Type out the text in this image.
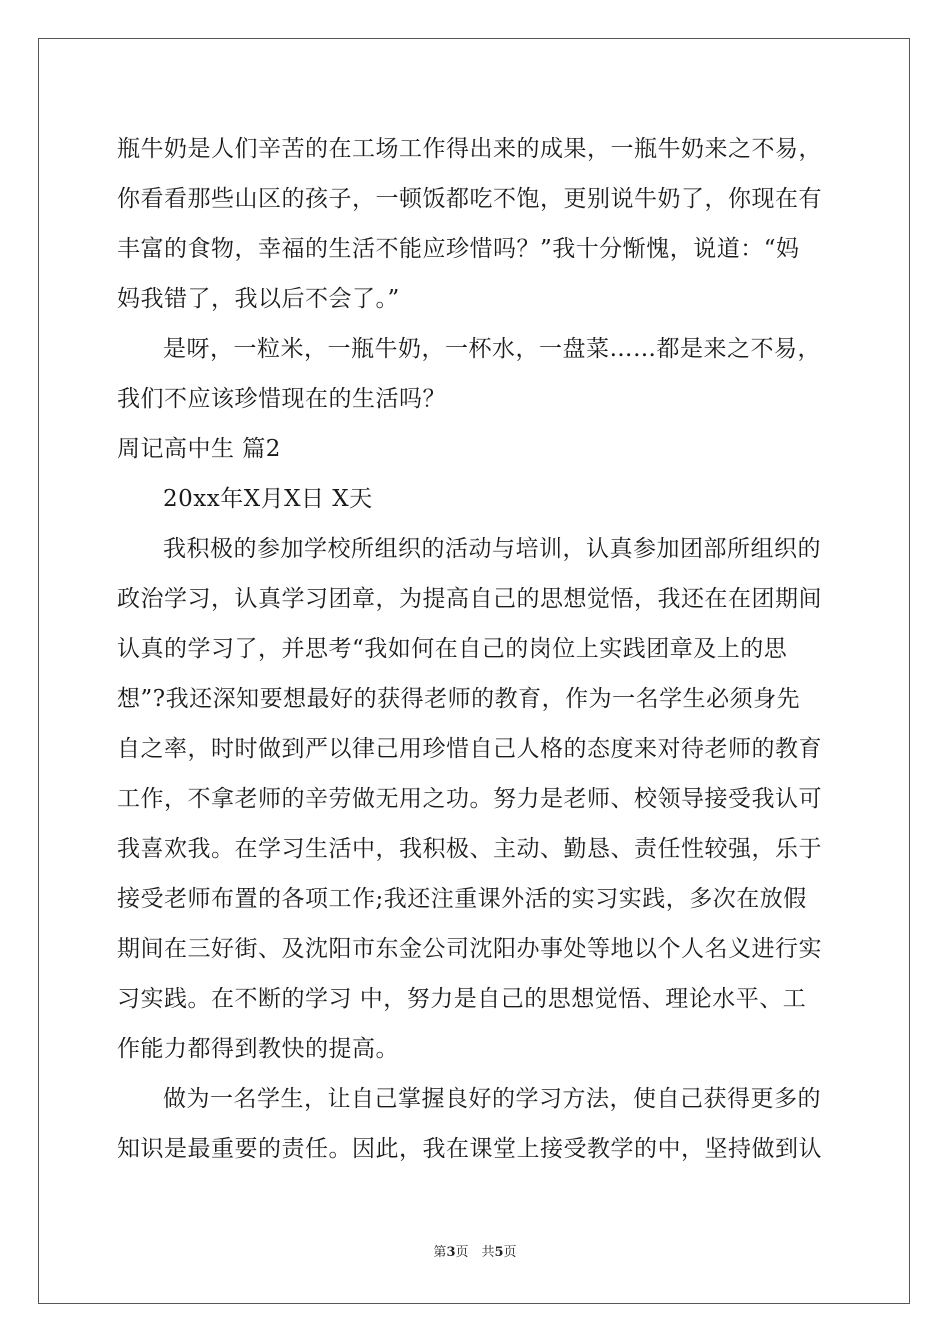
瓶牛奶是人们辛苦的在工场工作得出来的成果，一瓶牛奶来之不易，
你看看那些山区的孩子，一顿饭都吃不饱，更别说牛奶了，你现在有
丰富的食物，幸福的生活不能应珍惜吗？”我十分惭愧，说道：“妈
妈我错了，我以后不会了。”
是呀，一粒米，一瓶牛奶，一杯水，一盘菜……都是来之不易，
我们不应该珍惜现在的生活吗？
周记高中生 篇2
20xx年X月X日 X天
我积极的参加学校所组织的活动与培训，认真参加团部所组织的
政治学习，认真学习团章，为提高自己的思想觉悟，我还在在团期间
认真的学习了，并思考“我如何在自己的岗位上实践团章及上的思
想”?我还深知要想最好的获得老师的教育，作为一名学生必须身先
自之率，时时做到严以律己用珍惜自己人格的态度来对待老师的教育
工作，不拿老师的辛劳做无用之功。努力是老师、校领导接受我认可
我喜欢我。在学习生活中，我积极、主动、勤恳、责任性较强，乐于
接受老师布置的各项工作;我还注重课外活的实习实践，多次在放假
期间在三好街、及沈阳市东金公司沈阳办事处等地以个人名义进行实
习实践。在不断的学习 中，努力是自己的思想觉悟、理论水平、工
作能力都得到教快的提高。
做为一名学生，让自己掌握良好的学习方法，使自己获得更多的
知识是最重要的责任。因此，我在课堂上接受教学的中，坚持做到认
第3页　共5页
